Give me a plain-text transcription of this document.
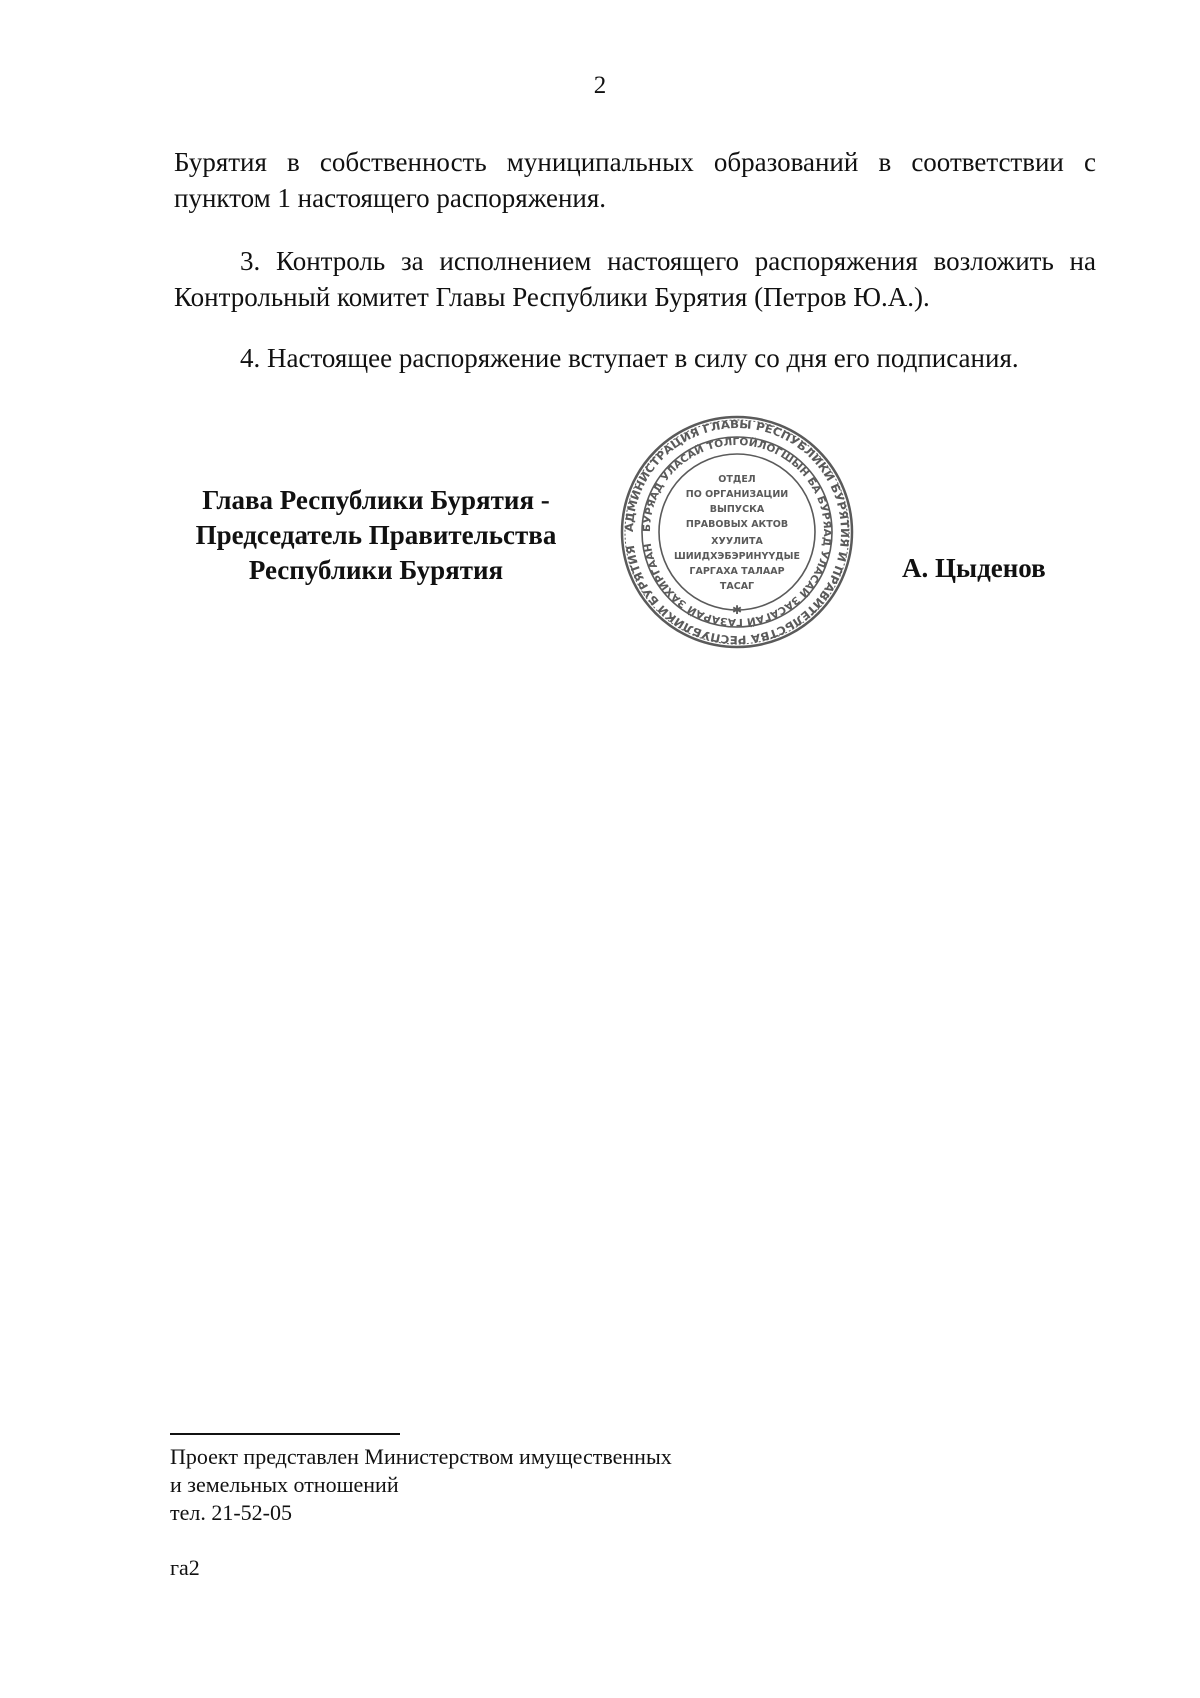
2
Бурятия в собственность муниципальных образований в соответствии с
пунктом 1 настоящего распоряжения.
3. Контроль за исполнением настоящего распоряжения возложить на Контрольный комитет Главы Республики Бурятия (Петров Ю.А.).
4. Настоящее распоряжение вступает в силу со дня его подписания.
Глава Республики Бурятия -
Председатель Правительства
Республики Бурятия
АДМИНИСТРАЦИЯ ГЛАВЫ РЕСПУБЛИКИ БУРЯТИЯ И ПРАВИТЕЛЬСТВА РЕСПУБЛИКИ БУРЯТИЯ
БУРЯАД УЛАСАЙ ТОЛГОЙЛОГШЫН БА БУРЯАД УЛАСАЙ ЗАСАГАЙ ГАЗАРАЙ ЗАХИРГААН
ОТДЕЛ
ПО ОРГАНИЗАЦИИ
ВЫПУСКА
ПРАВОВЫХ АКТОВ
ХУУЛИТА
ШИИДХЭБЭРИНҮҮДЫЕ
ГАРГАХА ТАЛААР
ТАСАГ
✱
А. Цыденов
Проект представлен Министерством имущественных
и земельных отношений
тел. 21-52-05
га2
